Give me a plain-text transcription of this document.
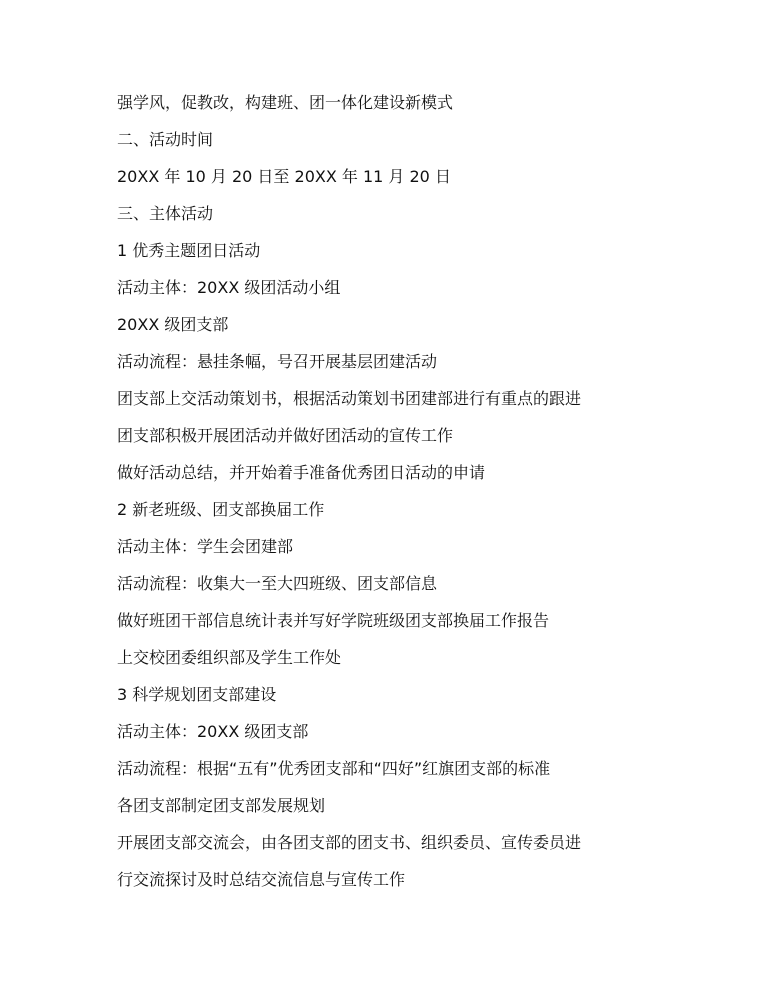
强学风，促教改，构建班、团一体化建设新模式
二、活动时间
20XX 年 10 月 20 日至 20XX 年 11 月 20 日
三、主体活动
1 优秀主题团日活动
活动主体：20XX 级团活动小组
20XX 级团支部
活动流程：悬挂条幅，号召开展基层团建活动
团支部上交活动策划书，根据活动策划书团建部进行有重点的跟进
团支部积极开展团活动并做好团活动的宣传工作
做好活动总结，并开始着手准备优秀团日活动的申请
2 新老班级、团支部换届工作
活动主体：学生会团建部
活动流程：收集大一至大四班级、团支部信息
做好班团干部信息统计表并写好学院班级团支部换届工作报告
上交校团委组织部及学生工作处
3 科学规划团支部建设
活动主体：20XX 级团支部
活动流程：根据“五有”优秀团支部和“四好”红旗团支部的标准
各团支部制定团支部发展规划
开展团支部交流会，由各团支部的团支书、组织委员、宣传委员进
行交流探讨及时总结交流信息与宣传工作
